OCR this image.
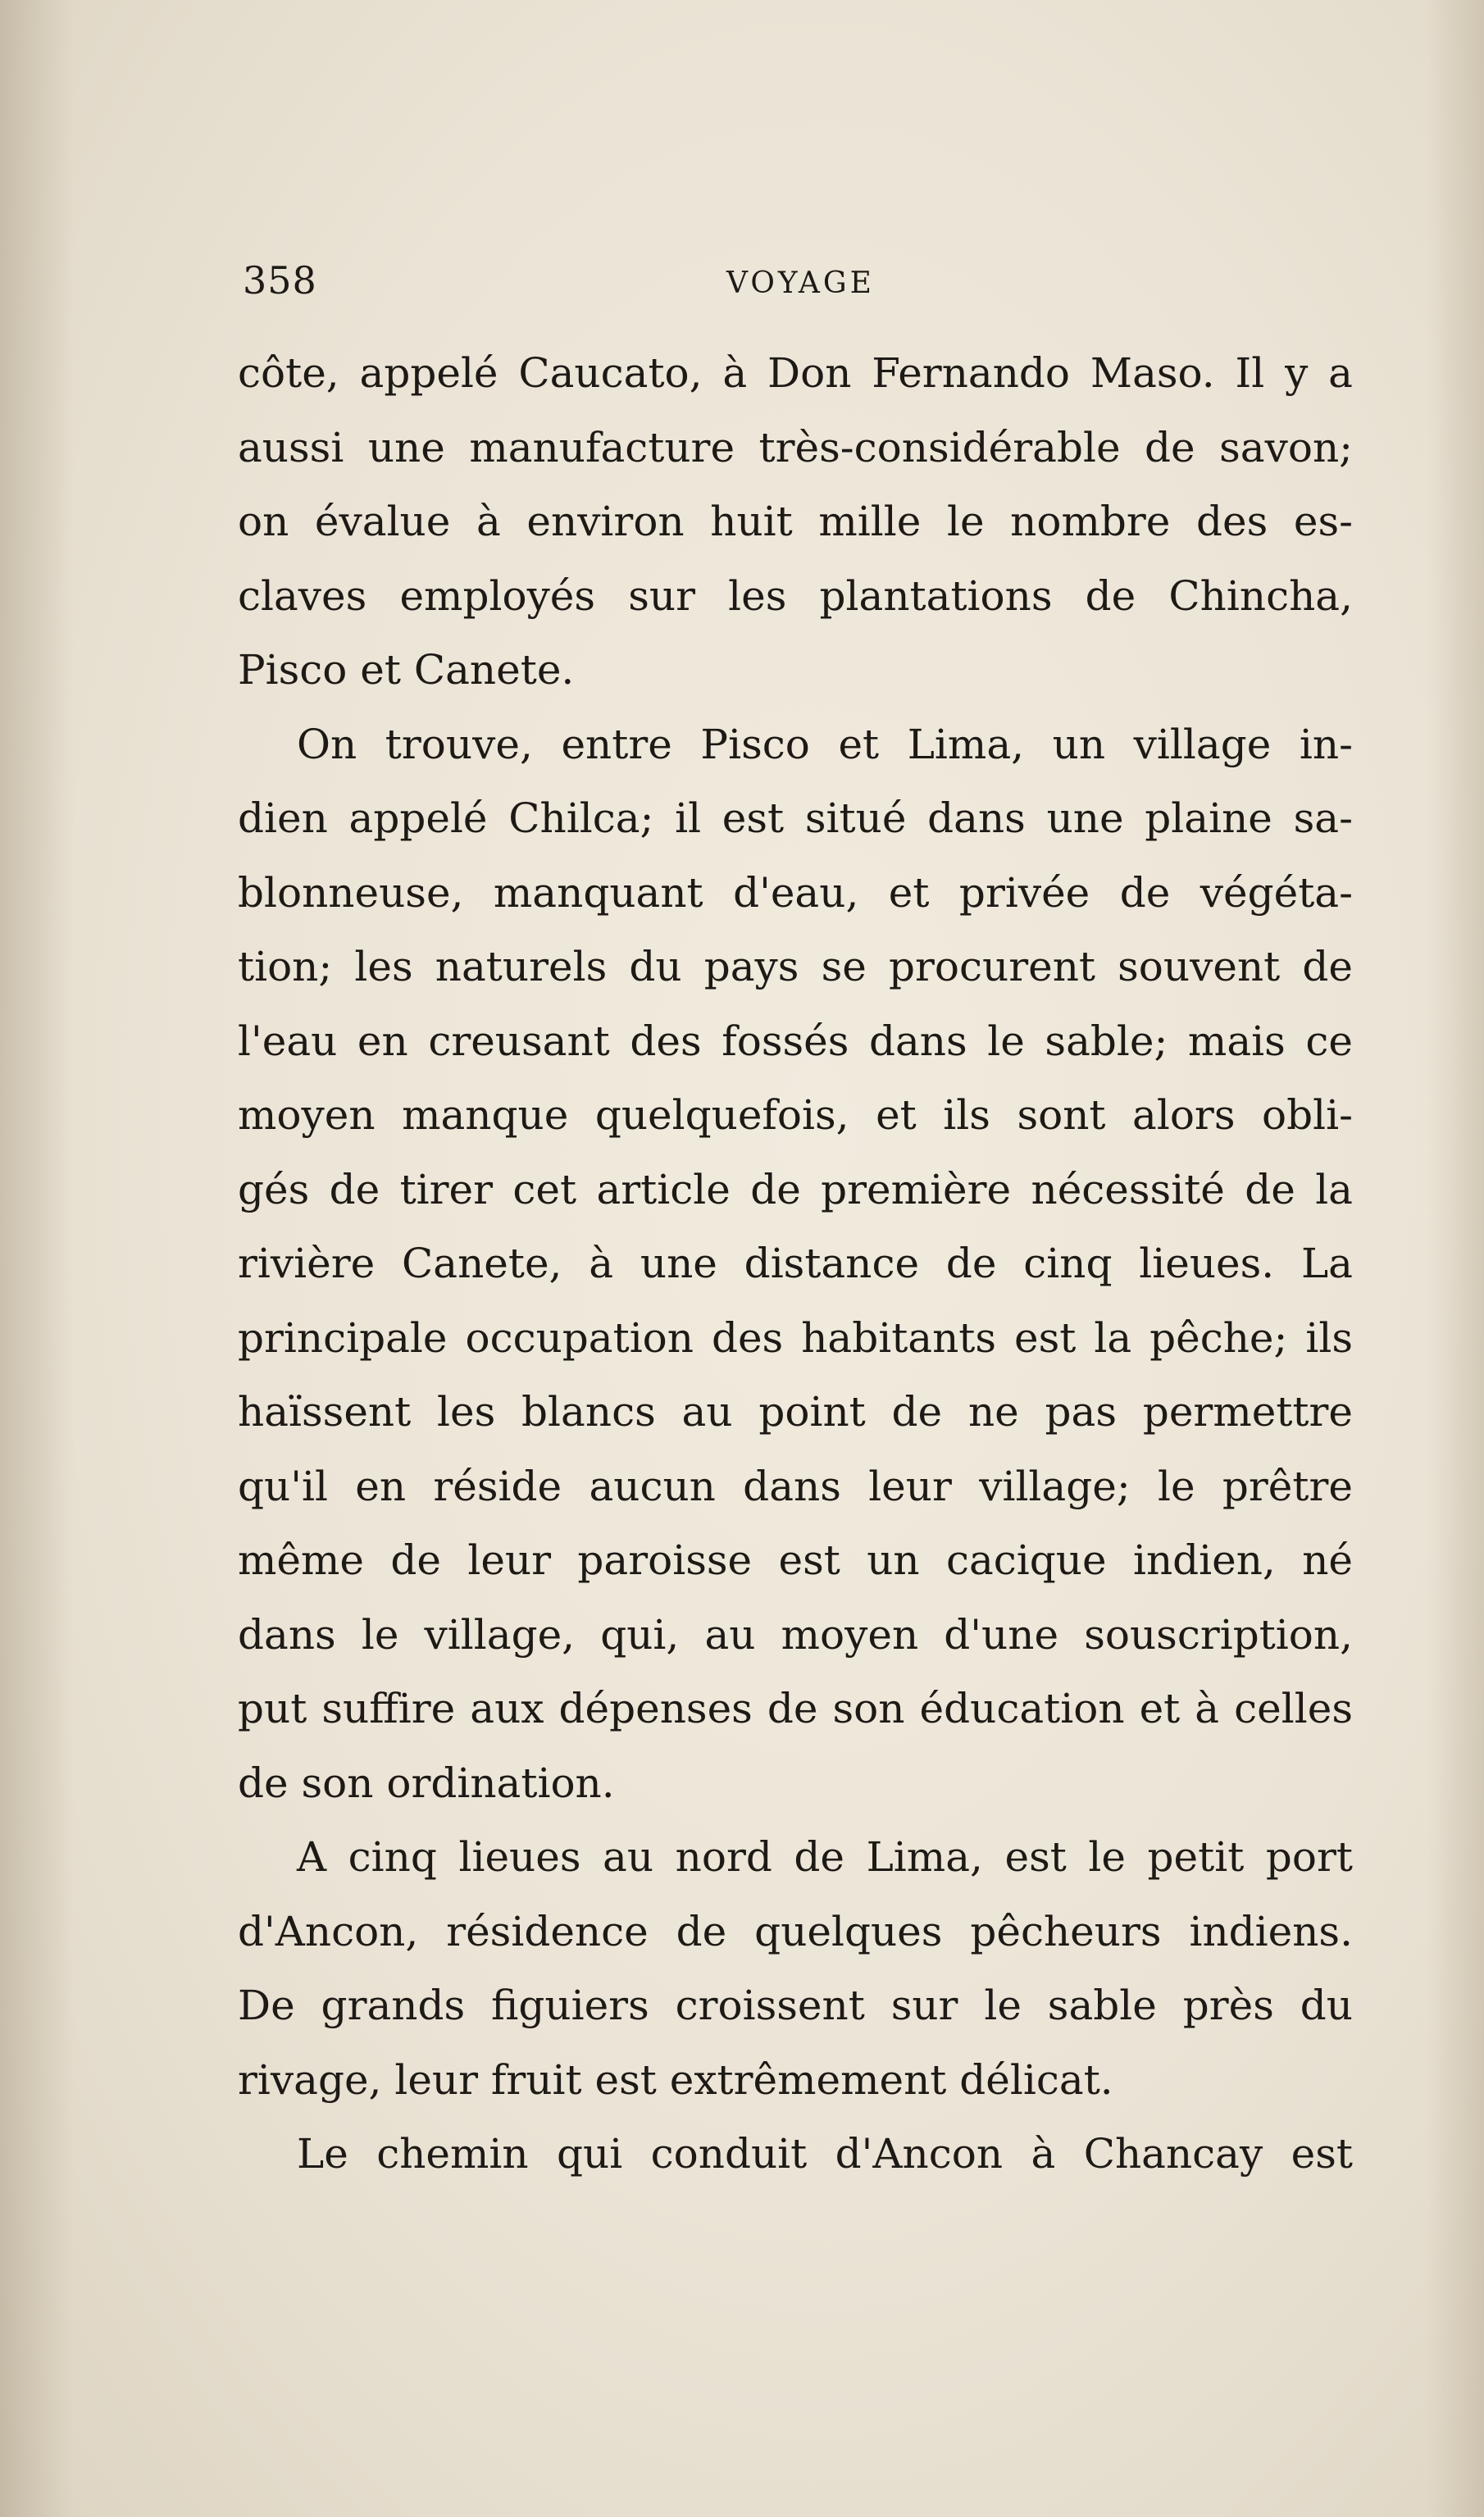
358	VOYAGE
côte, appelé Caucato, à Don Fernando Maso. Il y a
aussi une manufacture très-considérable de savon;
on évalue à environ huit mille le nombre des es-
claves employés sur les plantations de Chincha,
Pisco et Canete.
On trouve, entre Pisco et Lima, un village in-
dien appelé Chilca; il est situé dans une plaine sa-
blonneuse, manquant d'eau, et privée de végéta-
tion; les naturels du pays se procurent souvent de
l'eau en creusant des fossés dans le sable; mais ce
moyen manque quelquefois, et ils sont alors obli-
gés de tirer cet article de première nécessité de la
rivière Canete, à une distance de cinq lieues. La
principale occupation des habitants est la pêche; ils
haïssent les blancs au point de ne pas permettre
qu'il en réside aucun dans leur village; le prêtre
même de leur paroisse est un cacique indien, né
dans le village, qui, au moyen d'une souscription,
put suffire aux dépenses de son éducation et à celles
de son ordination.
A cinq lieues au nord de Lima, est le petit port
d'Ancon, résidence de quelques pêcheurs indiens.
De grands figuiers croissent sur le sable près du
rivage, leur fruit est extrêmement délicat.
Le chemin qui conduit d'Ancon à Chancay est
